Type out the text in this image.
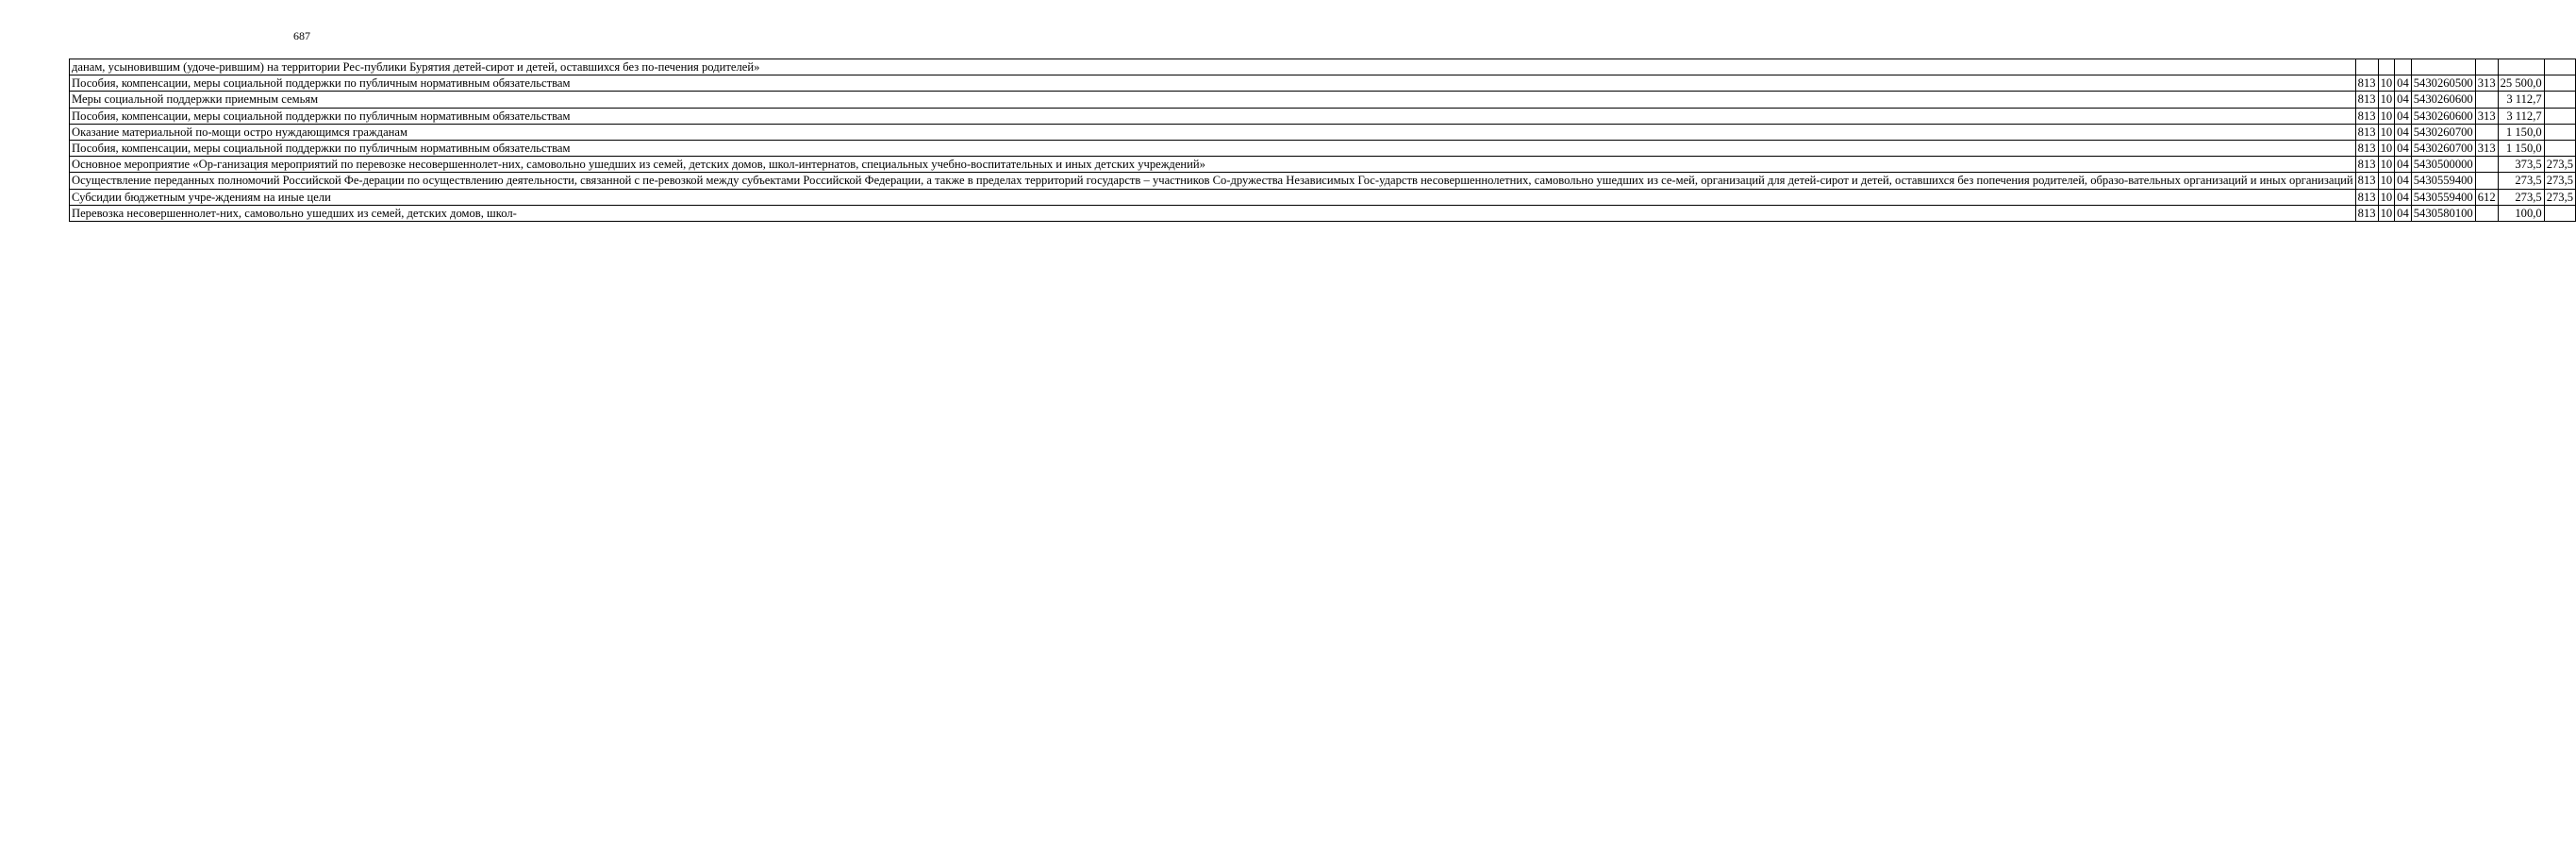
687
данам, усыновившим (удоче-рившим) на территории Рес-публики Бурятия детей-сирот и детей, оставшихся без по-печения родителей»							
Пособия, компенсации, меры социальной поддержки по публичным нормативным обязательствам	813	10	04	5430260500	313	25 500,0	
Меры социальной поддержки приемным семьям	813	10	04	5430260600		3 112,7	
Пособия, компенсации, меры социальной поддержки по публичным нормативным обязательствам	813	10	04	5430260600	313	3 112,7	
Оказание материальной по-мощи остро нуждающимся гражданам	813	10	04	5430260700		1 150,0	
Пособия, компенсации, меры социальной поддержки по публичным нормативным обязательствам	813	10	04	5430260700	313	1 150,0	
Основное мероприятие «Ор-ганизация мероприятий по перевозке несовершеннолет-них, самовольно ушедших из семей, детских домов, школ-интернатов, специальных учебно-воспитательных и иных детских учреждений»	813	10	04	5430500000		373,5	273,5
Осуществление переданных полномочий Российской Фе-дерации по осуществлению деятельности, связанной с пе-ревозкой между субъектами Российской Федерации, а также в пределах территорий государств – участников Со-дружества Независимых Гос-ударств несовершеннолетних, самовольно ушедших из се-мей, организаций для детей-сирот и детей, оставшихся без попечения родителей, образо-вательных организаций и иных организаций	813	10	04	5430559400		273,5	273,5
Субсидии бюджетным учре-ждениям на иные цели	813	10	04	5430559400	612	273,5	273,5
Перевозка несовершеннолет-них, самовольно ушедших из семей, детских домов, школ-	813	10	04	5430580100		100,0	
